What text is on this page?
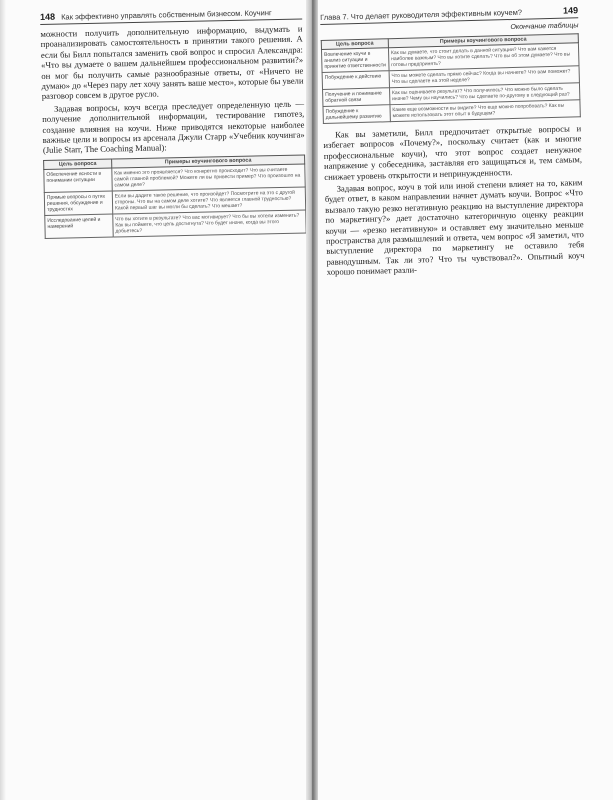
148 Как эффективно управлять собственным бизнесом. Коучинг

можности получить дополнительную информацию, выдумать и проанализировать самостоятельность в принятии такого решения. А если бы Билл попытался заменить свой вопрос и спросил Александра: «Что вы думаете о вашем дальнейшем профессиональном развитии?» он мог бы получить самые разнообразные ответы, от «Ничего не думаю» до «Через пару лет хочу занять ваше место», которые бы увели разговор совсем в другое русло.

Задавая вопросы, коуч всегда преследует определенную цель — получение дополнительной информации, тестирование гипотез, создание влияния на коучи. Ниже приводятся некоторые наиболее важные цели и вопросы из арсенала Джули Старр «Учебник коучинга» (Julie Starr, The Coaching Manual):

Цель вопроса	Примеры коучингового вопроса
Обеспечение ясности в понимании ситуации	Как именно это проявляется? Что конкретно происходит? Что вы считаете самой главной проблемой? Можете ли вы привести пример? Что произошло на самом деле?
Прямые вопросы о путях решения, обсуждение и трудностях	Если вы дадите такое решение, что произойдет? Посмотрите на это с другой стороны. Что вы на самом деле хотите? Что является главной трудностью? Какой первый шаг вы могли бы сделать? Что мешает?
Исследование целей и намерений	Что вы хотите в результате? Что вас мотивирует? Что бы вы хотели изменить? Как вы поймете, что цель достигнута? Что будет иначе, когда вы этого добьетесь?
Глава 7. Что делает руководителя эффективным коучем?	149
Окончание таблицы
Цель вопроса	Примеры коучингового вопроса
Вовлечение коучи в анализ ситуации и принятие ответственности	Как вы думаете, что стоит делать в данной ситуации? Что вам кажется наиболее важным? Что вы хотите сделать? Что вы об этом думаете? Что вы готовы предпринять?
Побуждение к действию	Что вы можете сделать прямо сейчас? Когда вы начнете? Что вам поможет? Что вы сделаете на этой неделе?
Получение и понимание обратной связи	Как вы оцениваете результат? Что получилось? Что можно было сделать иначе? Чему вы научились? Что вы сделаете по-другому в следующий раз?
Побуждение к дальнейшему развитию	Какие еще возможности вы видите? Что еще можно попробовать? Как вы можете использовать этот опыт в будущем?

Как вы заметили, Билл предпочитает открытые вопросы и избегает вопросов «Почему?», поскольку считает (как и многие профессиональные коучи), что этот вопрос создает ненужное напряжение у собеседника, заставляя его защищаться и, тем самым, снижает уровень открытости и непринужденности.

Задавая вопрос, коуч в той или иной степени влияет на то, каким будет ответ, в каком направлении начнет думать коучи. Вопрос «Что вызвало такую резко негативную реакцию на выступление директора по маркетингу?» дает достаточно категоричную оценку реакции коучи — «резко негативную» и оставляет ему значительно меньше пространства для размышлений и ответа, чем вопрос «Я заметил, что выступление директора по маркетингу не оставило тебя равнодушным. Так ли это? Что ты чувствовал?». Опытный коуч хорошо понимает разли-
